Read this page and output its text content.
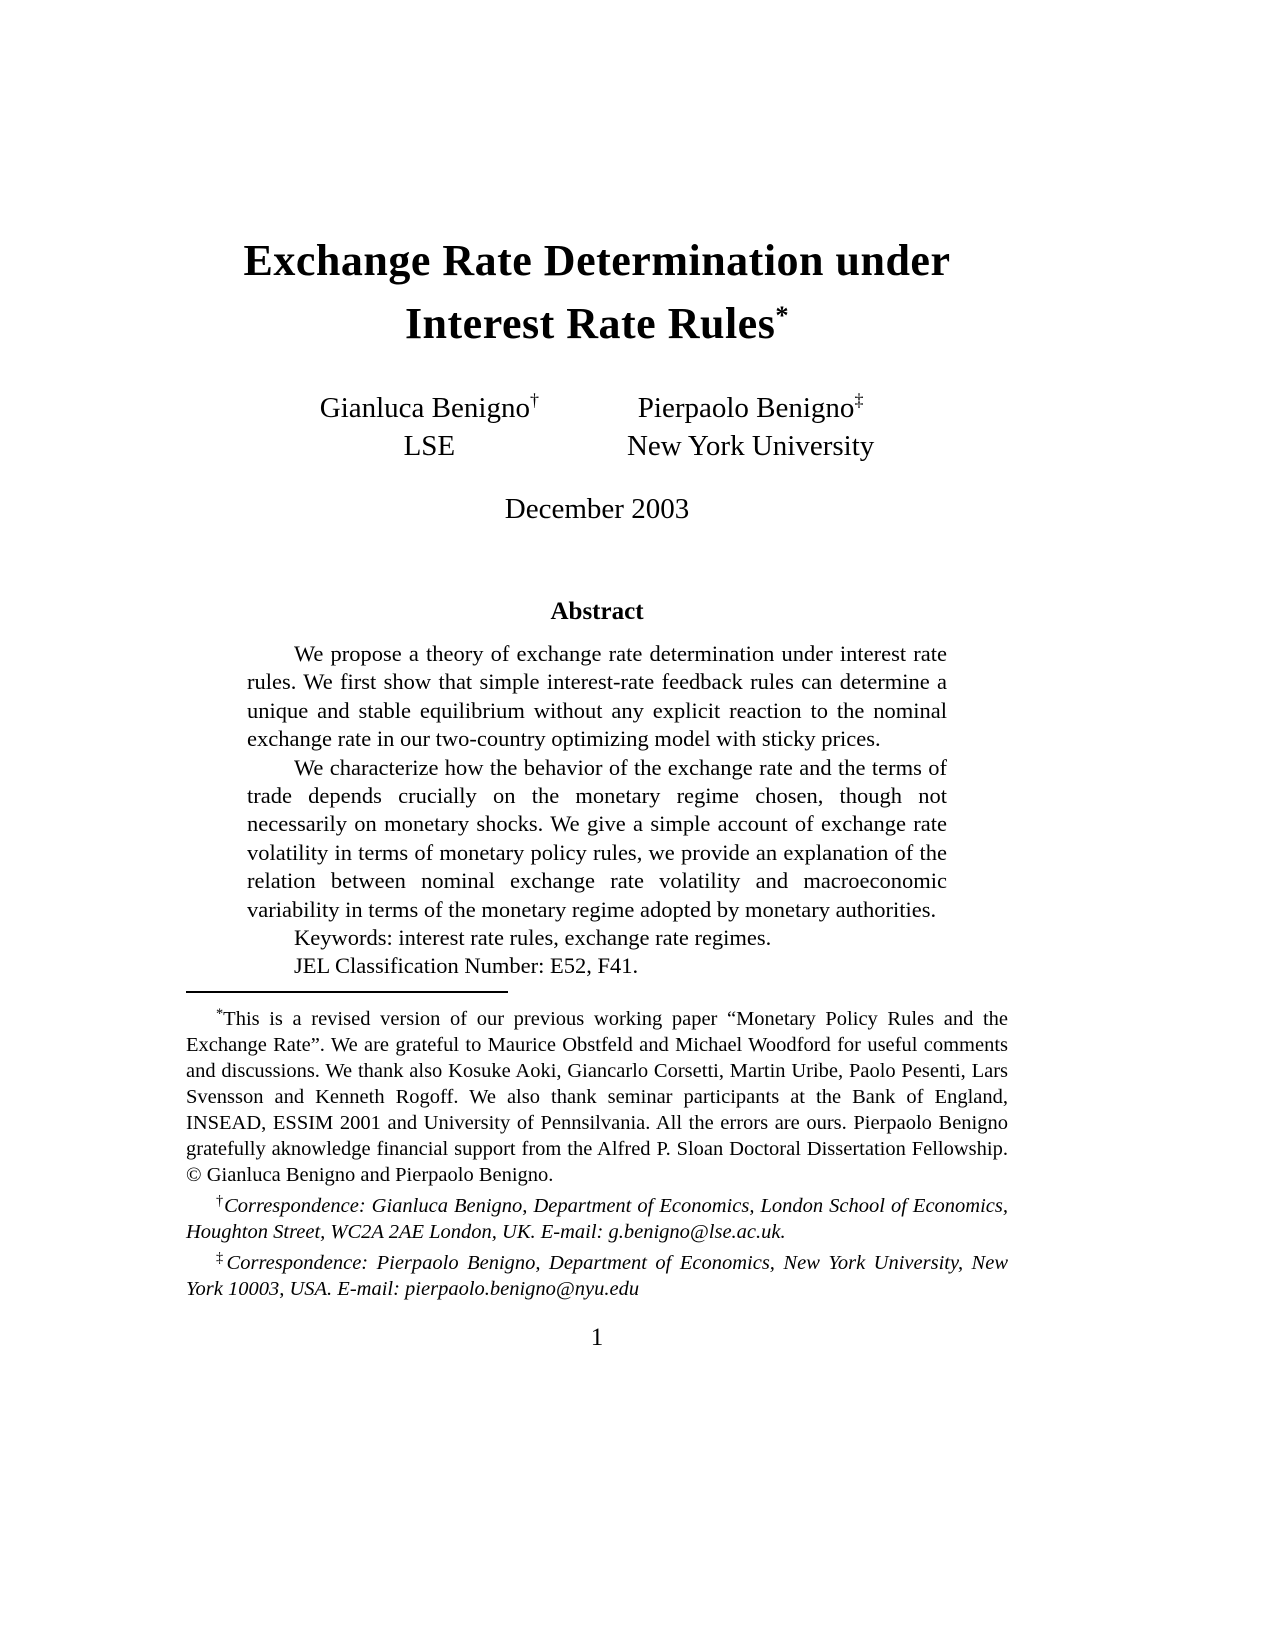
Exchange Rate Determination under
Interest Rate Rules*
Gianluca Benigno†
LSE
Pierpaolo Benigno‡
New York University
December 2003
Abstract

We propose a theory of exchange rate determination under interest rate rules. We first show that simple interest-rate feedback rules can determine a unique and stable equilibrium without any explicit reaction to the nominal exchange rate in our two-country optimizing model with sticky prices.

We characterize how the behavior of the exchange rate and the terms of trade depends crucially on the monetary regime chosen, though not necessarily on monetary shocks. We give a simple account of exchange rate volatility in terms of monetary policy rules, we provide an explanation of the relation between nominal exchange rate volatility and macroeconomic variability in terms of the monetary regime adopted by monetary authorities.

Keywords: interest rate rules, exchange rate regimes.

JEL Classification Number: E52, F41.

*This is a revised version of our previous working paper “Monetary Policy Rules and the Exchange Rate”. We are grateful to Maurice Obstfeld and Michael Woodford for useful comments and discussions. We thank also Kosuke Aoki, Giancarlo Corsetti, Martin Uribe, Paolo Pesenti, Lars Svensson and Kenneth Rogoff. We also thank seminar participants at the Bank of England, INSEAD, ESSIM 2001 and University of Pennsilvania. All the errors are ours. Pierpaolo Benigno gratefully aknowledge financial support from the Alfred P. Sloan Doctoral Dissertation Fellowship. © Gianluca Benigno and Pierpaolo Benigno.

†Correspondence: Gianluca Benigno, Department of Economics, London School of Economics, Houghton Street, WC2A 2AE London, UK. E-mail: g.benigno@lse.ac.uk.

‡Correspondence: Pierpaolo Benigno, Department of Economics, New York University, New York 10003, USA. E-mail: pierpaolo.benigno@nyu.edu

1
